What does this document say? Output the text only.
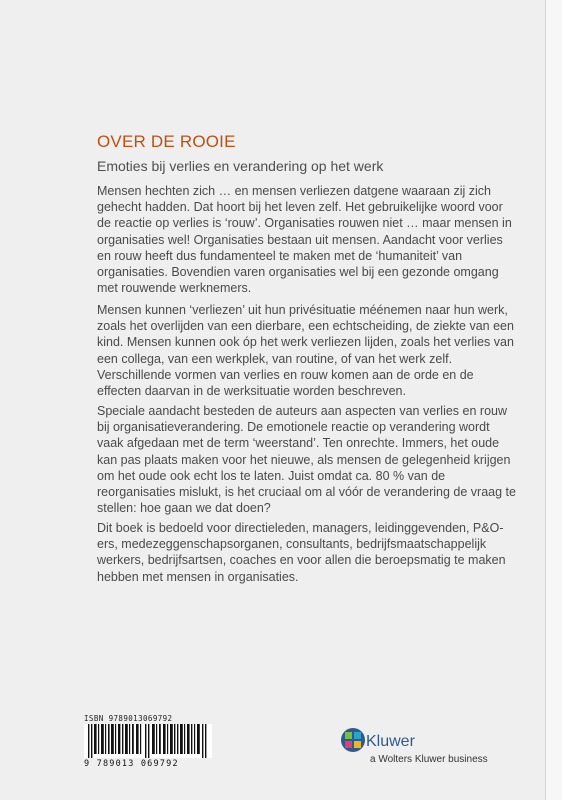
OVER DE ROOIE
Emoties bij verlies en verandering op het werk

Mensen hechten zich … en mensen verliezen datgene waaraan zij zich gehecht hadden. Dat hoort bij het leven zelf. Het gebruikelijke woord voor de reactie op verlies is ‘rouw’. Organisaties rouwen niet … maar mensen in organisaties wel! Organisaties bestaan uit mensen. Aandacht voor verlies en rouw heeft dus fundamenteel te maken met de ‘humaniteit’ van organisaties. Bovendien varen organisaties wel bij een gezonde omgang met rouwende werknemers.

Mensen kunnen ‘verliezen’ uit hun privésituatie méénemen naar hun werk, zoals het overlijden van een dierbare, een echtscheiding, de ziekte van een kind. Mensen kunnen ook óp het werk verliezen lijden, zoals het verlies van een collega, van een werkplek, van routine, of van het werk zelf. Verschillende vormen van verlies en rouw komen aan de orde en de effecten daarvan in de werksituatie worden beschreven.

Speciale aandacht besteden de auteurs aan aspecten van verlies en rouw bij organisatieverandering. De emotionele reactie op verandering wordt vaak afgedaan met de term ‘weerstand’. Ten onrechte. Immers, het oude kan pas plaats maken voor het nieuwe, als mensen de gelegenheid krijgen om het oude ook echt los te laten. Juist omdat ca. 80 % van de reorganisaties mislukt, is het cruciaal om al vóór de verandering de vraag te stellen: hoe gaan we dat doen?

Dit boek is bedoeld voor directieleden, managers, leidinggevenden, P&O-ers, medezeggenschapsorganen, consultants, bedrijfsmaatschappelijk werkers, bedrijfsartsen, coaches en voor allen die beroepsmatig te maken hebben met mensen in organisaties.

ISBN 9789013069792
9 789013 069792
Kluwer
a Wolters Kluwer business
